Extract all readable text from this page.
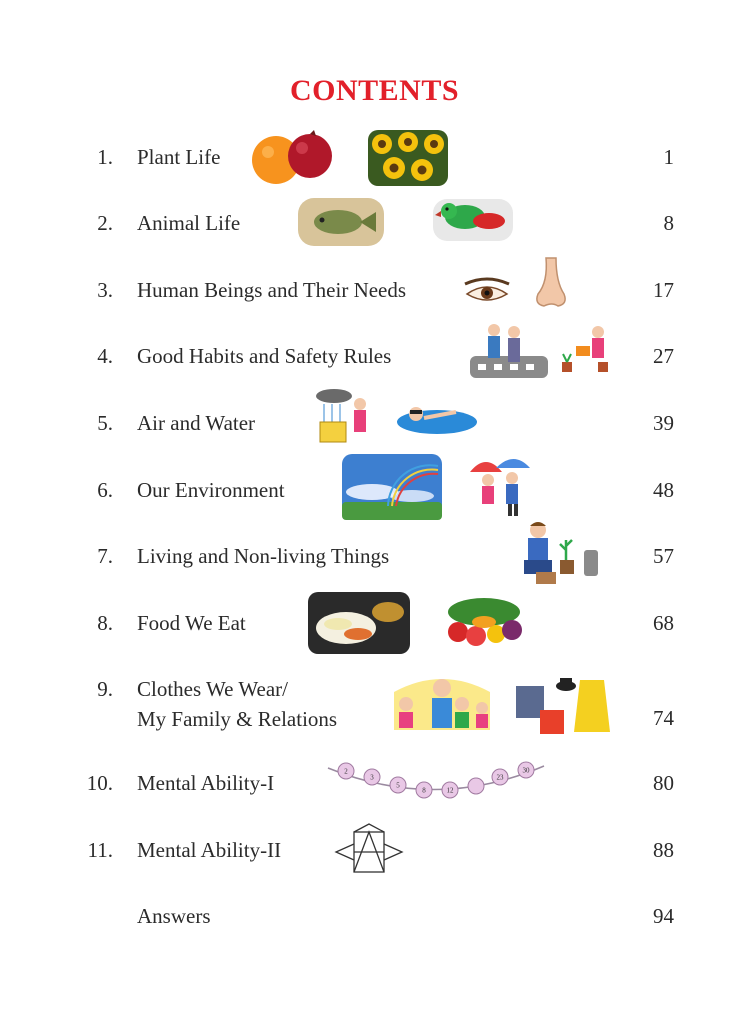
CONTENTS
1. Plant Life	1
2. Animal Life	8
3. Human Beings and Their Needs	17
4. Good Habits and Safety Rules	27
5. Air and Water	39
6. Our Environment	48
7. Living and Non-living Things	57
8. Food We Eat	68
9. Clothes We Wear/
My Family & Relations	74
10. Mental Ability-I	80
2
3
5
8	12
23
30
11. Mental Ability-II	88
Answers	94
